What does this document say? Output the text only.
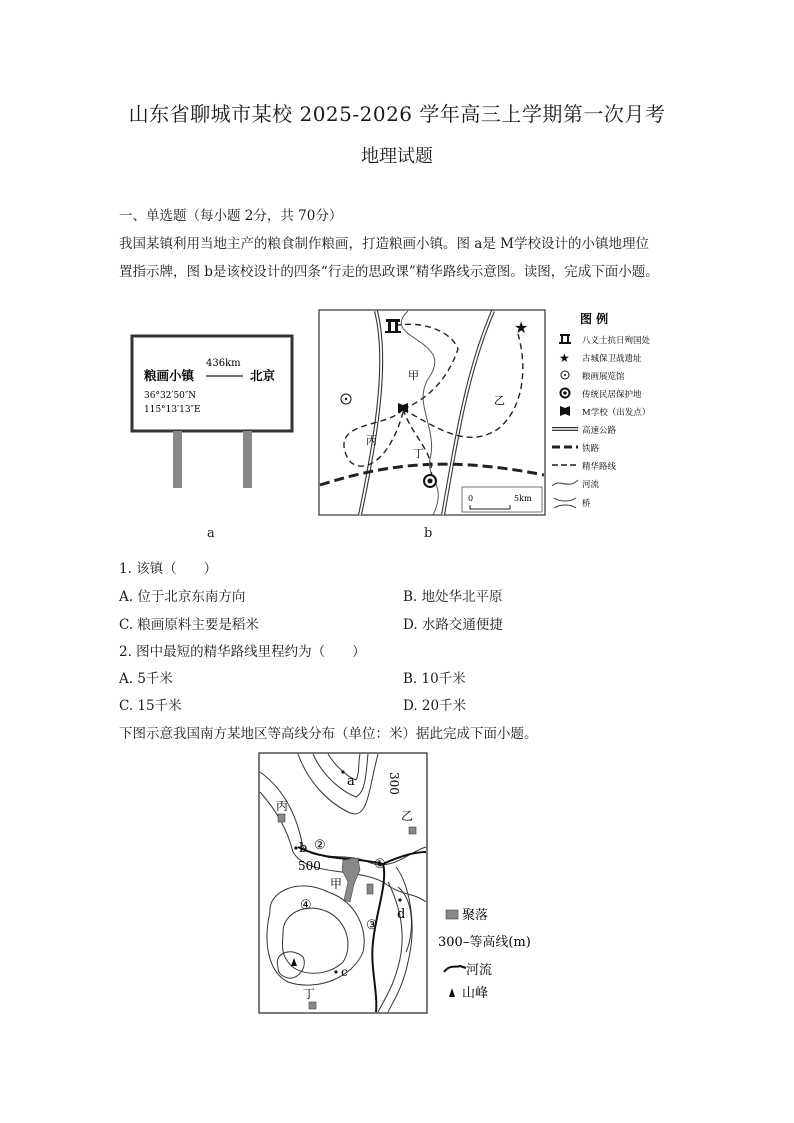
山东省聊城市某校 2025-2026 学年高三上学期第一次月考
地理试题
一、单选题（每小题 2分，共 70分）
我国某镇利用当地主产的粮食制作粮画，打造粮画小镇。图 a是 M学校设计的小镇地理位
置指示牌，图 b是该校设计的四条“行走的思政课”精华路线示意图。读图，完成下面小题。
436km
粮画小镇	北京
36°32′50″N
115°13′13″E
★
甲
乙
丙
丁
0	5km
图 例
八义士抗日殉国处
★ 古城保卫战遗址
粮画展览馆
传统民居保护地
M学校（出发点）
高速公路
铁路
精华路线
河流
桥
a	b
1. 该镇（　　）
A. 位于北京东南方向	B. 地处华北平原
C. 粮画原料主要是稻米	D. 水路交通便捷
2. 图中最短的精华路线里程约为（　　）
A. 5千米	B. 10千米
C. 15千米	D. 20千米
下图示意我国南方某地区等高线分布（单位：米）据此完成下面小题。
a
c
d
b
丙
乙
甲
丁
①
②
③
④
300
500
聚落
300–等高线(m)
河流
山峰
